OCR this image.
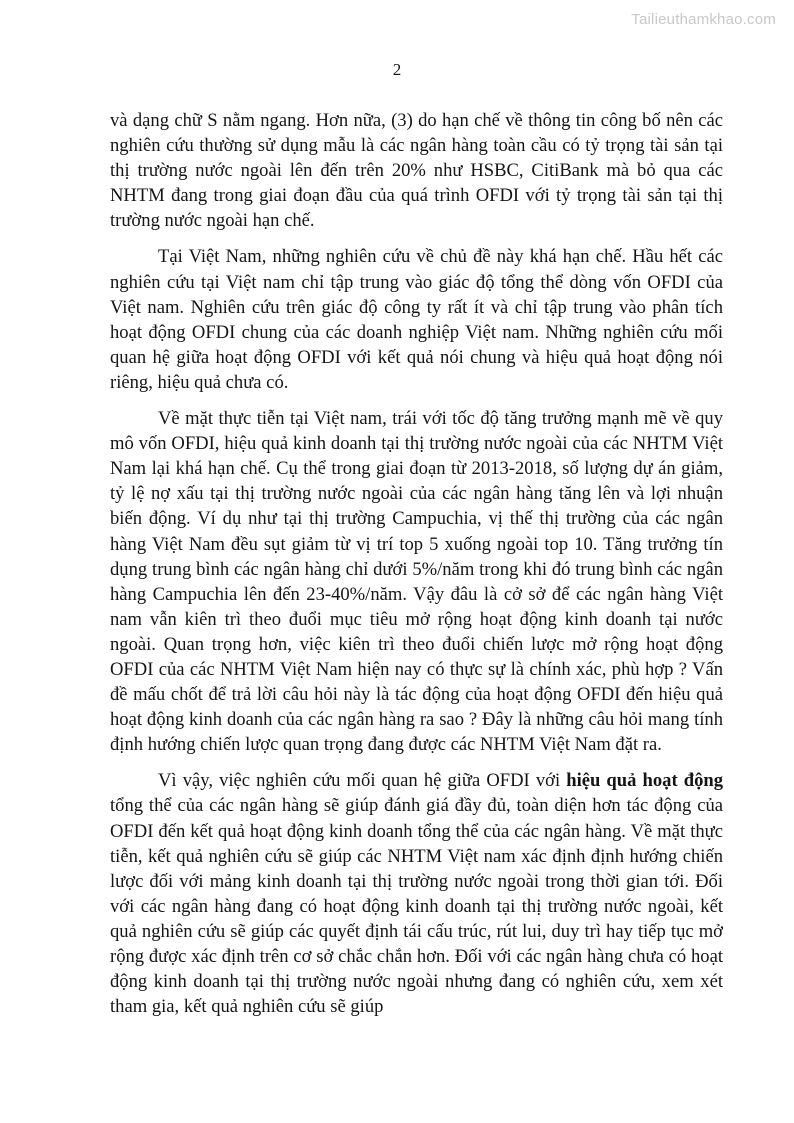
Tailieuthamkhao.com
2

và dạng chữ S nằm ngang. Hơn nữa, (3) do hạn chế về thông tin công bố nên các nghiên cứu thường sử dụng mẫu là các ngân hàng toàn cầu có tỷ trọng tài sản tại thị trường nước ngoài lên đến trên 20% như HSBC, CitiBank mà bỏ qua các NHTM đang trong giai đoạn đầu của quá trình OFDI với tỷ trọng tài sản tại thị trường nước ngoài hạn chế.

Tại Việt Nam, những nghiên cứu về chủ đề này khá hạn chế. Hầu hết các nghiên cứu tại Việt nam chỉ tập trung vào giác độ tổng thể dòng vốn OFDI của Việt nam. Nghiên cứu trên giác độ công ty rất ít và chỉ tập trung vào phân tích hoạt động OFDI chung của các doanh nghiệp Việt nam. Những nghiên cứu mối quan hệ giữa hoạt động OFDI với kết quả nói chung và hiệu quả hoạt động nói riêng, hiệu quả chưa có.

Về mặt thực tiễn tại Việt nam, trái với tốc độ tăng trưởng mạnh mẽ về quy mô vốn OFDI, hiệu quả kinh doanh tại thị trường nước ngoài của các NHTM Việt Nam lại khá hạn chế. Cụ thể trong giai đoạn từ 2013-2018, số lượng dự án giảm, tỷ lệ nợ xấu tại thị trường nước ngoài của các ngân hàng tăng lên và lợi nhuận biến động. Ví dụ như tại thị trường Campuchia, vị thế thị trường của các ngân hàng Việt Nam đều sụt giảm từ vị trí top 5 xuống ngoài top 10. Tăng trưởng tín dụng trung bình các ngân hàng chỉ dưới 5%/năm trong khi đó trung bình các ngân hàng Campuchia lên đến 23-40%/năm. Vậy đâu là cở sở để các ngân hàng Việt nam vẫn kiên trì theo đuổi mục tiêu mở rộng hoạt động kinh doanh tại nước ngoài. Quan trọng hơn, việc kiên trì theo đuổi chiến lược mở rộng hoạt động OFDI của các NHTM Việt Nam hiện nay có thực sự là chính xác, phù hợp ? Vấn đề mấu chốt để trả lời câu hỏi này là tác động của hoạt động OFDI đến hiệu quả hoạt động kinh doanh của các ngân hàng ra sao ? Đây là những câu hỏi mang tính định hướng chiến lược quan trọng đang được các NHTM Việt Nam đặt ra.

Vì vậy, việc nghiên cứu mối quan hệ giữa OFDI với hiệu quả hoạt động tổng thể của các ngân hàng sẽ giúp đánh giá đầy đủ, toàn diện hơn tác động của OFDI đến kết quả hoạt động kinh doanh tổng thể của các ngân hàng. Về mặt thực tiễn, kết quả nghiên cứu sẽ giúp các NHTM Việt nam xác định định hướng chiến lược đối với mảng kinh doanh tại thị trường nước ngoài trong thời gian tới. Đối với các ngân hàng đang có hoạt động kinh doanh tại thị trường nước ngoài, kết quả nghiên cứu sẽ giúp các quyết định tái cấu trúc, rút lui, duy trì hay tiếp tục mở rộng được xác định trên cơ sở chắc chắn hơn. Đối với các ngân hàng chưa có hoạt động kinh doanh tại thị trường nước ngoài nhưng đang có nghiên cứu, xem xét tham gia, kết quả nghiên cứu sẽ giúp
